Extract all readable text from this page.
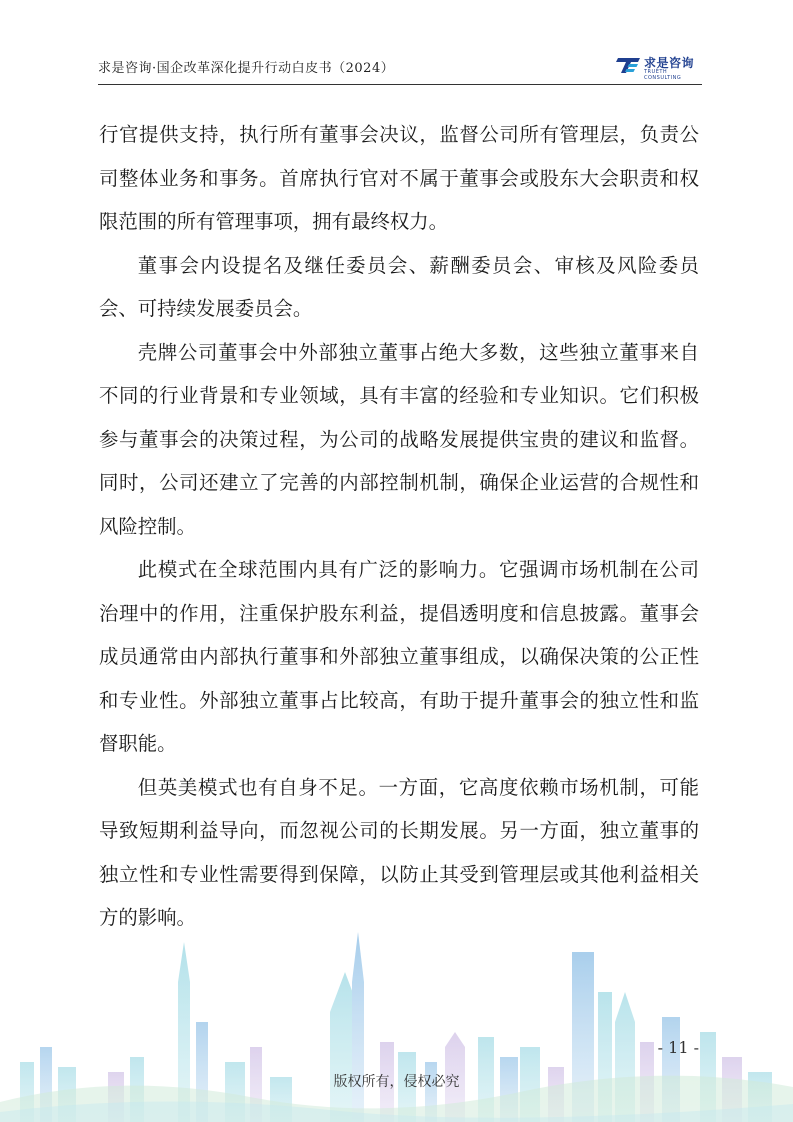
求是咨询·国企改革深化提升行动白皮书（2024）	求是咨询
TRUETH CONSULTING

行官提供支持，执行所有董事会决议，监督公司所有管理层，负责公司整体业务和事务。首席执行官对不属于董事会或股东大会职责和权限范围的所有管理事项，拥有最终权力。

董事会内设提名及继任委员会、薪酬委员会、审核及风险委员会、可持续发展委员会。

壳牌公司董事会中外部独立董事占绝大多数，这些独立董事来自不同的行业背景和专业领域，具有丰富的经验和专业知识。它们积极参与董事会的决策过程，为公司的战略发展提供宝贵的建议和监督。同时，公司还建立了完善的内部控制机制，确保企业运营的合规性和风险控制。

此模式在全球范围内具有广泛的影响力。它强调市场机制在公司治理中的作用，注重保护股东利益，提倡透明度和信息披露。董事会成员通常由内部执行董事和外部独立董事组成，以确保决策的公正性和专业性。外部独立董事占比较高，有助于提升董事会的独立性和监督职能。

但英美模式也有自身不足。一方面，它高度依赖市场机制，可能导致短期利益导向，而忽视公司的长期发展。另一方面，独立董事的独立性和专业性需要得到保障，以防止其受到管理层或其他利益相关方的影响。

- 11 -
版权所有，侵权必究
